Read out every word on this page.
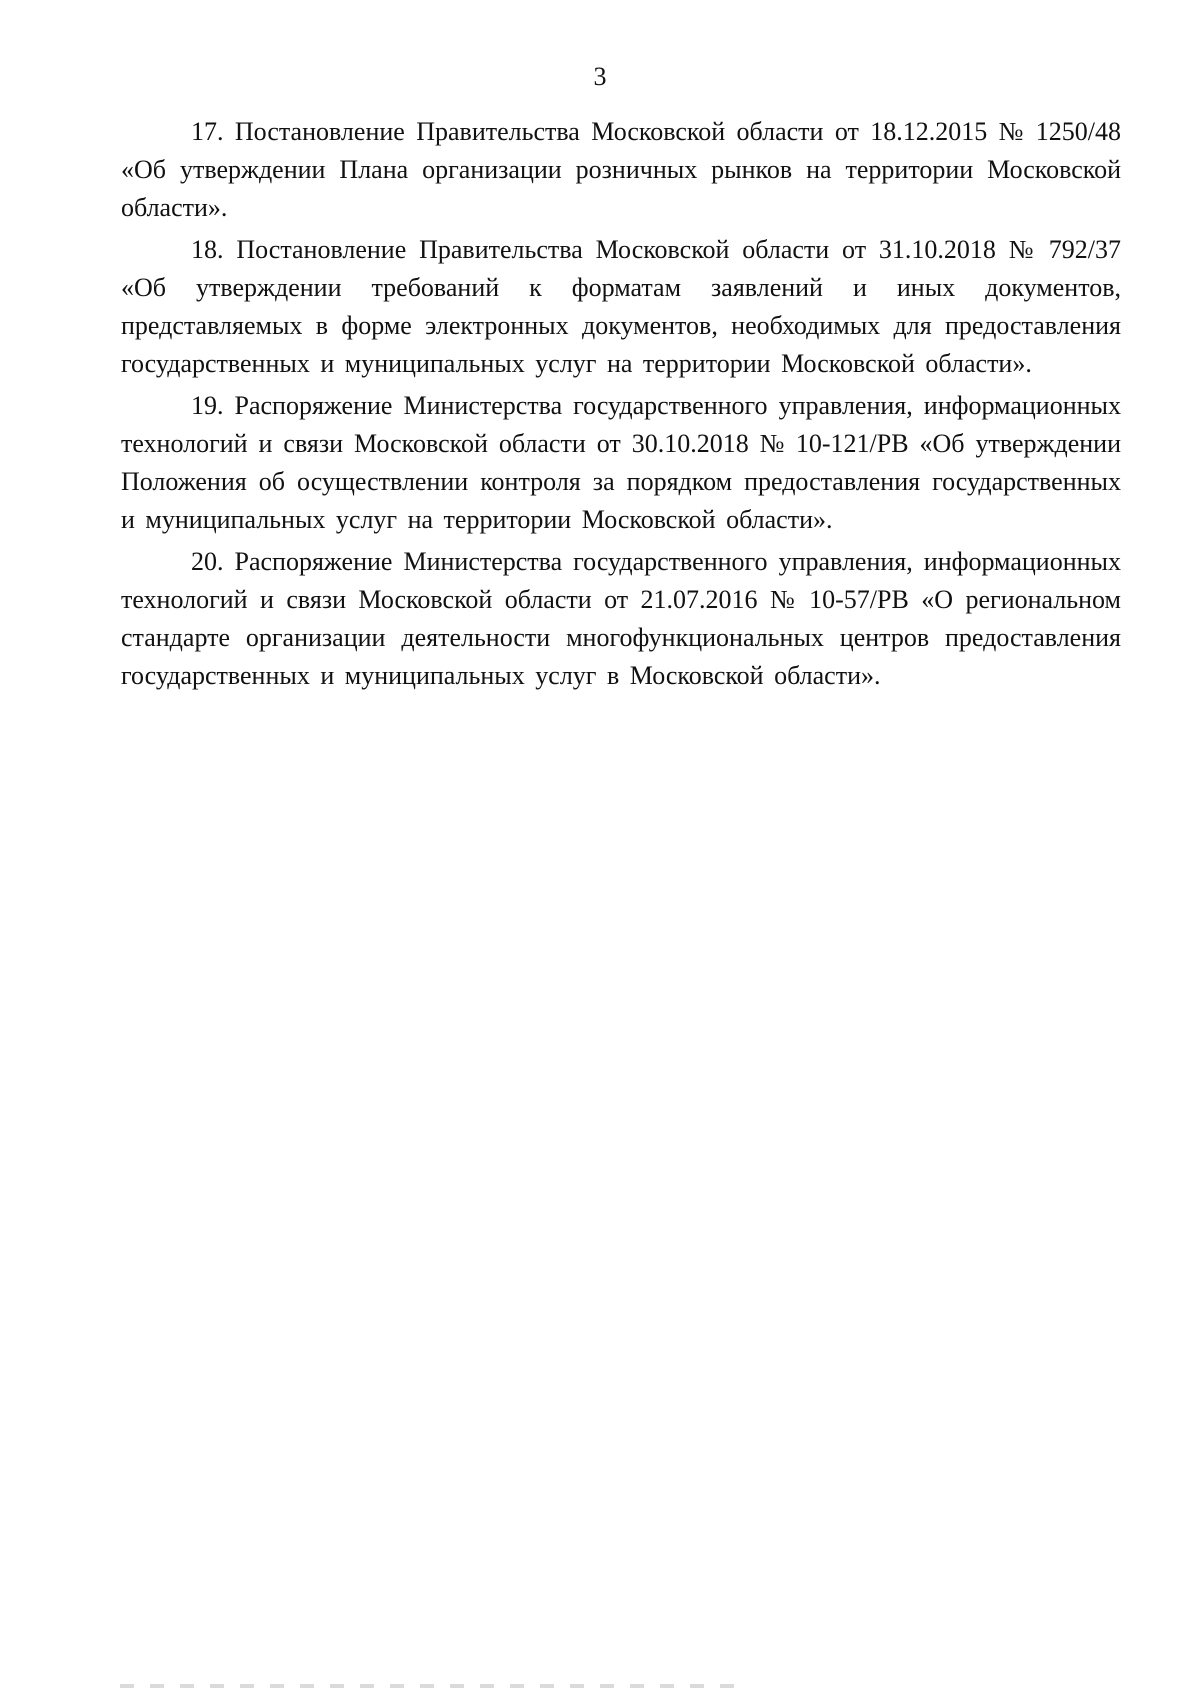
3

17. Постановление Правительства Московской области от 18.12.2015 № 1250/48 «Об утверждении Плана организации розничных рынков на территории Московской области».
18. Постановление Правительства Московской области от 31.10.2018 № 792/37 «Об утверждении требований к форматам заявлений и иных документов, представляемых в форме электронных документов, необходимых для предоставления государственных и муниципальных услуг на территории Московской области».
19. Распоряжение Министерства государственного управления, информационных технологий и связи Московской области от 30.10.2018 № 10-121/РВ «Об утверждении Положения об осуществлении контроля за порядком предоставления государственных и муниципальных услуг на территории Московской области».
20. Распоряжение Министерства государственного управления, информационных технологий и связи Московской области от 21.07.2016 № 10-57/РВ «О региональном стандарте организации деятельности многофункциональных центров предоставления государственных и муниципальных услуг в Московской области».
